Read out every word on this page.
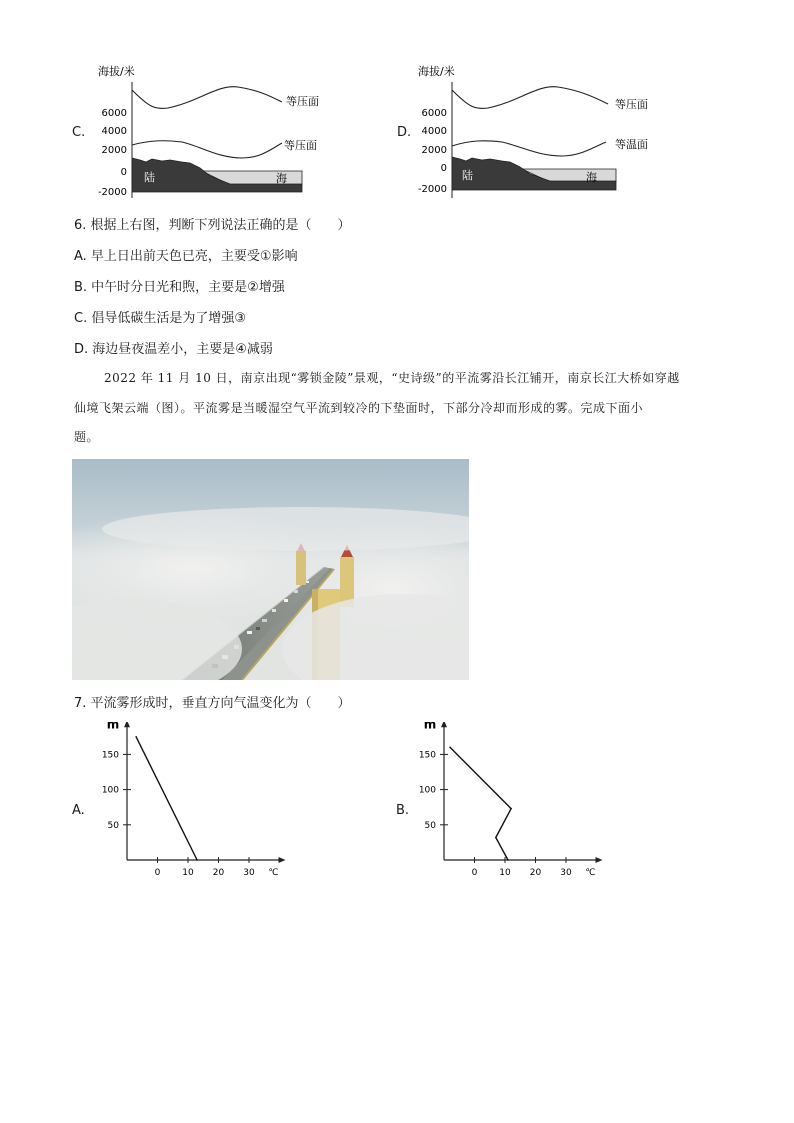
C.
海拔/米
6000
4000
2000
0
-2000
等压面
等压面
陆	海
D.
海拔/米
6000
4000
2000
0
-2000
等压面
等温面
陆	海
6. 根据上右图，判断下列说法正确的是（　　）
A. 早上日出前天色已亮，主要受①影响
B. 中午时分日光和煦，主要是②增强
C. 倡导低碳生活是为了增强③
D. 海边昼夜温差小，主要是④减弱
2022 年 11 月 10 日，南京出现“雾锁金陵”景观，“史诗级”的平流雾沿长江铺开，南京长江大桥如穿越
仙境飞架云端（图）。平流雾是当暖湿空气平流到较冷的下垫面时，下部分冷却而形成的雾。完成下面小
题。
7. 平流雾形成时，垂直方向气温变化为（　　）
A.
m
150
100
50
0 10 20 30 ℃
B.
m
150
100
50
0 10 20 30 ℃
